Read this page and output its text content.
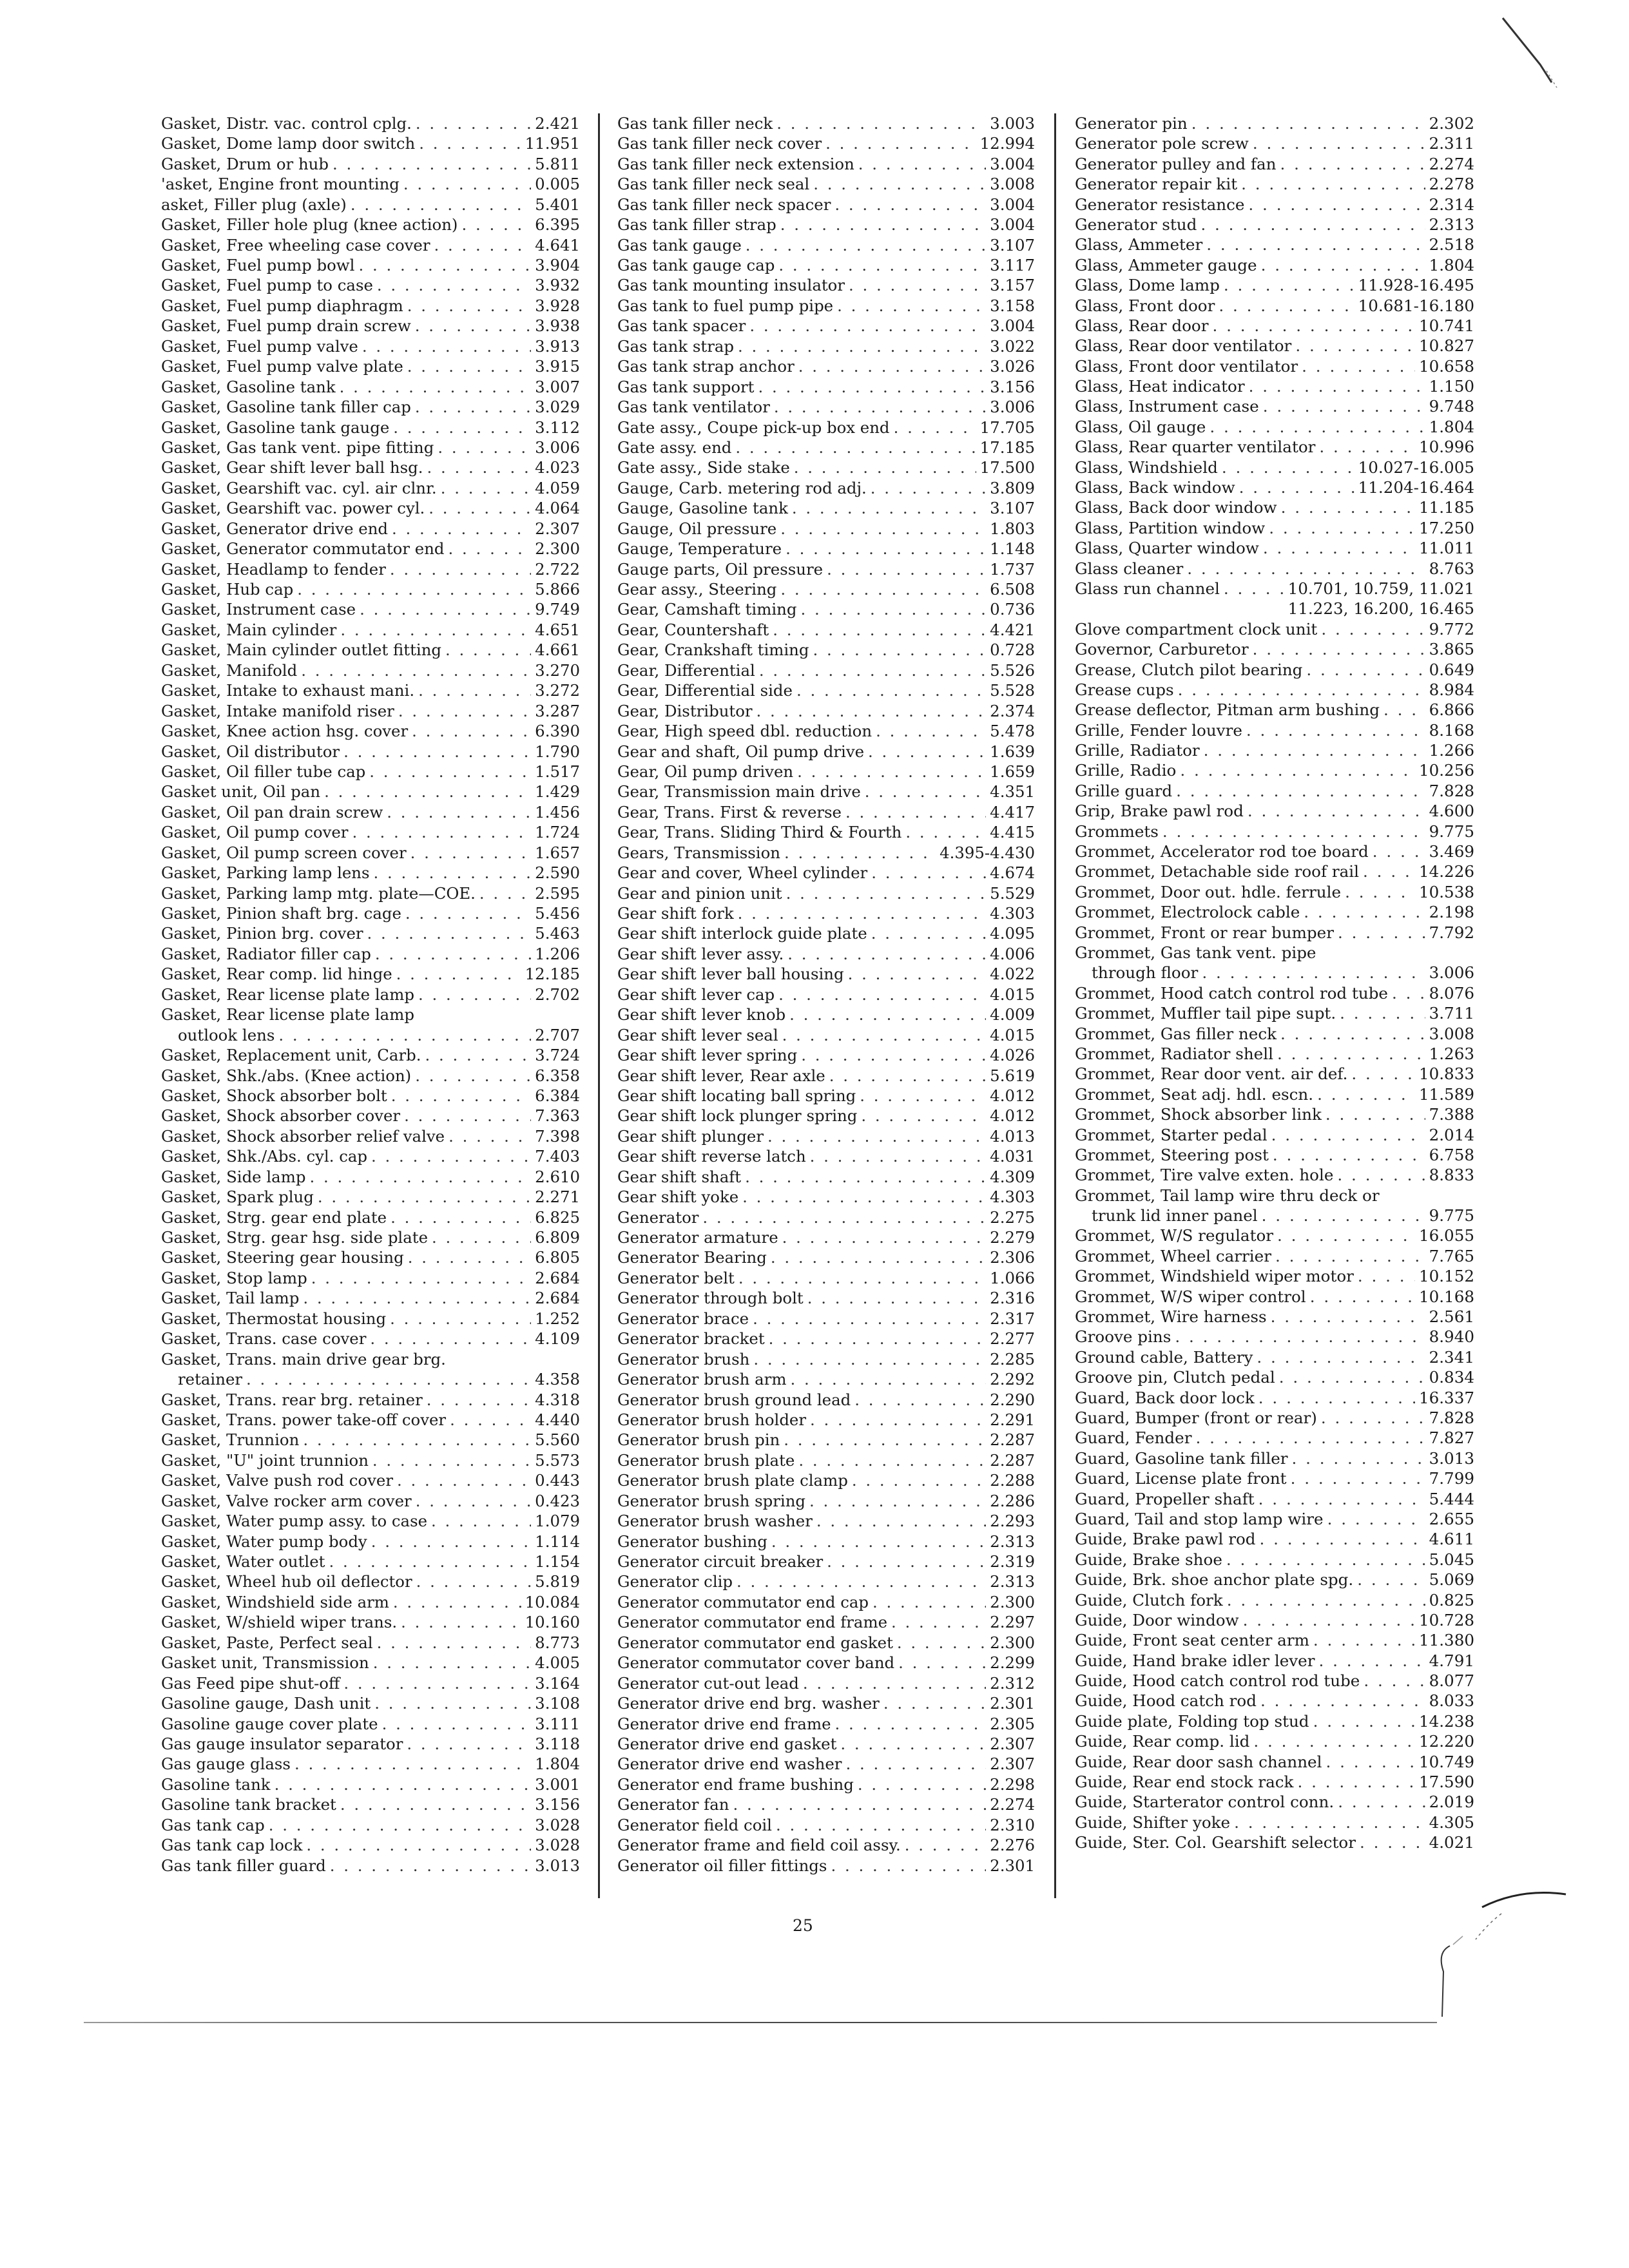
Gasket, Distr. vac. control cplg. . . .	2.421
Gasket, Dome lamp door switch . . .	11.951
Gasket, Drum or hub . . .	5.811
'asket, Engine front mounting . . .	0.005
asket, Filler plug (axle) . . .	5.401
Gasket, Filler hole plug (knee action) . . .	6.395
Gasket, Free wheeling case cover . . .	4.641
Gasket, Fuel pump bowl . . .	3.904
Gasket, Fuel pump to case . . .	3.932
Gasket, Fuel pump diaphragm . . .	3.928
Gasket, Fuel pump drain screw . . .	3.938
Gasket, Fuel pump valve . . .	3.913
Gasket, Fuel pump valve plate . . .	3.915
Gasket, Gasoline tank . . .	3.007
Gasket, Gasoline tank filler cap . . .	3.029
Gasket, Gasoline tank gauge . . .	3.112
Gasket, Gas tank vent. pipe fitting . . .	3.006
Gasket, Gear shift lever ball hsg. . . .	4.023
Gasket, Gearshift vac. cyl. air clnr. . . .	4.059
Gasket, Gearshift vac. power cyl. . . .	4.064
Gasket, Generator drive end . . .	2.307
Gasket, Generator commutator end . . .	2.300
Gasket, Headlamp to fender . . .	2.722
Gasket, Hub cap . . .	5.866
Gasket, Instrument case . . .	9.749
Gasket, Main cylinder . . .	4.651
Gasket, Main cylinder outlet fitting . . .	4.661
Gasket, Manifold . . .	3.270
Gasket, Intake to exhaust mani. . . .	3.272
Gasket, Intake manifold riser . . .	3.287
Gasket, Knee action hsg. cover . . .	6.390
Gasket, Oil distributor . . .	1.790
Gasket, Oil filler tube cap . . .	1.517
Gasket unit, Oil pan . . .	1.429
Gasket, Oil pan drain screw . . .	1.456
Gasket, Oil pump cover . . .	1.724
Gasket, Oil pump screen cover . . .	1.657
Gasket, Parking lamp lens . . .	2.590
Gasket, Parking lamp mtg. plate—COE. . . .	2.595
Gasket, Pinion shaft brg. cage . . .	5.456
Gasket, Pinion brg. cover . . .	5.463
Gasket, Radiator filler cap . . .	1.206
Gasket, Rear comp. lid hinge . . .	12.185
Gasket, Rear license plate lamp . . .	2.702
Gasket, Rear license plate lamp
outlook lens . . .	2.707
Gasket, Replacement unit, Carb. . . .	3.724
Gasket, Shk./abs. (Knee action) . . .	6.358
Gasket, Shock absorber bolt . . .	6.384
Gasket, Shock absorber cover . . .	7.363
Gasket, Shock absorber relief valve . . .	7.398
Gasket, Shk./Abs. cyl. cap . . .	7.403
Gasket, Side lamp . . .	2.610
Gasket, Spark plug . . .	2.271
Gasket, Strg. gear end plate . . .	6.825
Gasket, Strg. gear hsg. side plate . . .	6.809
Gasket, Steering gear housing . . .	6.805
Gasket, Stop lamp . . .	2.684
Gasket, Tail lamp . . .	2.684
Gasket, Thermostat housing . . .	1.252
Gasket, Trans. case cover . . .	4.109
Gasket, Trans. main drive gear brg.
retainer . . .	4.358
Gasket, Trans. rear brg. retainer . . .	4.318
Gasket, Trans. power take-off cover . . .	4.440
Gasket, Trunnion . . .	5.560
Gasket, "U" joint trunnion . . .	5.573
Gasket, Valve push rod cover . . .	0.443
Gasket, Valve rocker arm cover . . .	0.423
Gasket, Water pump assy. to case . . .	1.079
Gasket, Water pump body . . .	1.114
Gasket, Water outlet . . .	1.154
Gasket, Wheel hub oil deflector . . .	5.819
Gasket, Windshield side arm . . .	10.084
Gasket, W/shield wiper trans. . . .	10.160
Gasket, Paste, Perfect seal . . .	8.773
Gasket unit, Transmission . . .	4.005
Gas Feed pipe shut-off . . .	3.164
Gasoline gauge, Dash unit . . .	3.108
Gasoline gauge cover plate . . .	3.111
Gas gauge insulator separator . . .	3.118
Gas gauge glass . . .	1.804
Gasoline tank . . .	3.001
Gasoline tank bracket . . .	3.156
Gas tank cap . . .	3.028
Gas tank cap lock . . .	3.028
Gas tank filler guard . . .	3.013
Gas tank filler neck . . .	3.003
Gas tank filler neck cover . . .	12.994
Gas tank filler neck extension . . .	3.004
Gas tank filler neck seal . . .	3.008
Gas tank filler neck spacer . . .	3.004
Gas tank filler strap . . .	3.004
Gas tank gauge . . .	3.107
Gas tank gauge cap . . .	3.117
Gas tank mounting insulator . . .	3.157
Gas tank to fuel pump pipe . . .	3.158
Gas tank spacer . . .	3.004
Gas tank strap . . .	3.022
Gas tank strap anchor . . .	3.026
Gas tank support . . .	3.156
Gas tank ventilator . . .	3.006
Gate assy., Coupe pick-up box end . . .	17.705
Gate assy. end . . .	17.185
Gate assy., Side stake . . .	17.500
Gauge, Carb. metering rod adj. . . .	3.809
Gauge, Gasoline tank . . .	3.107
Gauge, Oil pressure . . .	1.803
Gauge, Temperature . . .	1.148
Gauge parts, Oil pressure . . .	1.737
Gear assy., Steering . . .	6.508
Gear, Camshaft timing . . .	0.736
Gear, Countershaft . . .	4.421
Gear, Crankshaft timing . . .	0.728
Gear, Differential . . .	5.526
Gear, Differential side . . .	5.528
Gear, Distributor . . .	2.374
Gear, High speed dbl. reduction . . .	5.478
Gear and shaft, Oil pump drive . . .	1.639
Gear, Oil pump driven . . .	1.659
Gear, Transmission main drive . . .	4.351
Gear, Trans. First & reverse . . .	4.417
Gear, Trans. Sliding Third & Fourth . . .	4.415
Gears, Transmission . . .	4.395-4.430
Gear and cover, Wheel cylinder . . .	4.674
Gear and pinion unit . . .	5.529
Gear shift fork . . .	4.303
Gear shift interlock guide plate . . .	4.095
Gear shift lever assy. . . .	4.006
Gear shift lever ball housing . . .	4.022
Gear shift lever cap . . .	4.015
Gear shift lever knob . . .	4.009
Gear shift lever seal . . .	4.015
Gear shift lever spring . . .	4.026
Gear shift lever, Rear axle . . .	5.619
Gear shift locating ball spring . . .	4.012
Gear shift lock plunger spring . . .	4.012
Gear shift plunger . . .	4.013
Gear shift reverse latch . . .	4.031
Gear shift shaft . . .	4.309
Gear shift yoke . . .	4.303
Generator . . .	2.275
Generator armature . . .	2.279
Generator Bearing . . .	2.306
Generator belt . . .	1.066
Generator through bolt . . .	2.316
Generator brace . . .	2.317
Generator bracket . . .	2.277
Generator brush . . .	2.285
Generator brush arm . . .	2.292
Generator brush ground lead . . .	2.290
Generator brush holder . . .	2.291
Generator brush pin . . .	2.287
Generator brush plate . . .	2.287
Generator brush plate clamp . . .	2.288
Generator brush spring . . .	2.286
Generator brush washer . . .	2.293
Generator bushing . . .	2.313
Generator circuit breaker . . .	2.319
Generator clip . . .	2.313
Generator commutator end cap . . .	2.300
Generator commutator end frame . . .	2.297
Generator commutator end gasket . . .	2.300
Generator commutator cover band . . .	2.299
Generator cut-out lead . . .	2.312
Generator drive end brg. washer . . .	2.301
Generator drive end frame . . .	2.305
Generator drive end gasket . . .	2.307
Generator drive end washer . . .	2.307
Generator end frame bushing . . .	2.298
Generator fan . . .	2.274
Generator field coil . . .	2.310
Generator frame and field coil assy. . . .	2.276
Generator oil filler fittings . . .	2.301
Generator pin . . .	2.302
Generator pole screw . . .	2.311
Generator pulley and fan . . .	2.274
Generator repair kit . . .	2.278
Generator resistance . . .	2.314
Generator stud . . .	2.313
Glass, Ammeter . . .	2.518
Glass, Ammeter gauge . . .	1.804
Glass, Dome lamp . . .	11.928-16.495
Glass, Front door . . .	10.681-16.180
Glass, Rear door . . .	10.741
Glass, Rear door ventilator . . .	10.827
Glass, Front door ventilator . . .	10.658
Glass, Heat indicator . . .	1.150
Glass, Instrument case . . .	9.748
Glass, Oil gauge . . .	1.804
Glass, Rear quarter ventilator . . .	10.996
Glass, Windshield . . .	10.027-16.005
Glass, Back window . . .	11.204-16.464
Glass, Back door window . . .	11.185
Glass, Partition window . . .	17.250
Glass, Quarter window . . .	11.011
Glass cleaner . . .	8.763
Glass run channel . . .	10.701, 10.759, 11.021
11.223, 16.200, 16.465
Glove compartment clock unit . . .	9.772
Governor, Carburetor . . .	3.865
Grease, Clutch pilot bearing . . .	0.649
Grease cups . . .	8.984
Grease deflector, Pitman arm bushing . . .	6.866
Grille, Fender louvre . . .	8.168
Grille, Radiator . . .	1.266
Grille, Radio . . .	10.256
Grille guard . . .	7.828
Grip, Brake pawl rod . . .	4.600
Grommets . . .	9.775
Grommet, Accelerator rod toe board . . .	3.469
Grommet, Detachable side roof rail . . .	14.226
Grommet, Door out. hdle. ferrule . . .	10.538
Grommet, Electrolock cable . . .	2.198
Grommet, Front or rear bumper . . .	7.792
Grommet, Gas tank vent. pipe
through floor . . .	3.006
Grommet, Hood catch control rod tube . . .	8.076
Grommet, Muffler tail pipe supt. . . .	3.711
Grommet, Gas filler neck . . .	3.008
Grommet, Radiator shell . . .	1.263
Grommet, Rear door vent. air def. . . .	10.833
Grommet, Seat adj. hdl. escn. . . .	11.589
Grommet, Shock absorber link . . .	7.388
Grommet, Starter pedal . . .	2.014
Grommet, Steering post . . .	6.758
Grommet, Tire valve exten. hole . . .	8.833
Grommet, Tail lamp wire thru deck or
trunk lid inner panel . . .	9.775
Grommet, W/S regulator . . .	16.055
Grommet, Wheel carrier . . .	7.765
Grommet, Windshield wiper motor . . .	10.152
Grommet, W/S wiper control . . .	10.168
Grommet, Wire harness . . .	2.561
Groove pins . . .	8.940
Ground cable, Battery . . .	2.341
Groove pin, Clutch pedal . . .	0.834
Guard, Back door lock . . .	16.337
Guard, Bumper (front or rear) . . .	7.828
Guard, Fender . . .	7.827
Guard, Gasoline tank filler . . .	3.013
Guard, License plate front . . .	7.799
Guard, Propeller shaft . . .	5.444
Guard, Tail and stop lamp wire . . .	2.655
Guide, Brake pawl rod . . .	4.611
Guide, Brake shoe . . .	5.045
Guide, Brk. shoe anchor plate spg. . . .	5.069
Guide, Clutch fork . . .	0.825
Guide, Door window . . .	10.728
Guide, Front seat center arm . . .	11.380
Guide, Hand brake idler lever . . .	4.791
Guide, Hood catch control rod tube . . .	8.077
Guide, Hood catch rod . . .	8.033
Guide plate, Folding top stud . . .	14.238
Guide, Rear comp. lid . . .	12.220
Guide, Rear door sash channel . . .	10.749
Guide, Rear end stock rack . . .	17.590
Guide, Starterator control conn. . . .	2.019
Guide, Shifter yoke . . .	4.305
Guide, Ster. Col. Gearshift selector . . .	4.021
25
